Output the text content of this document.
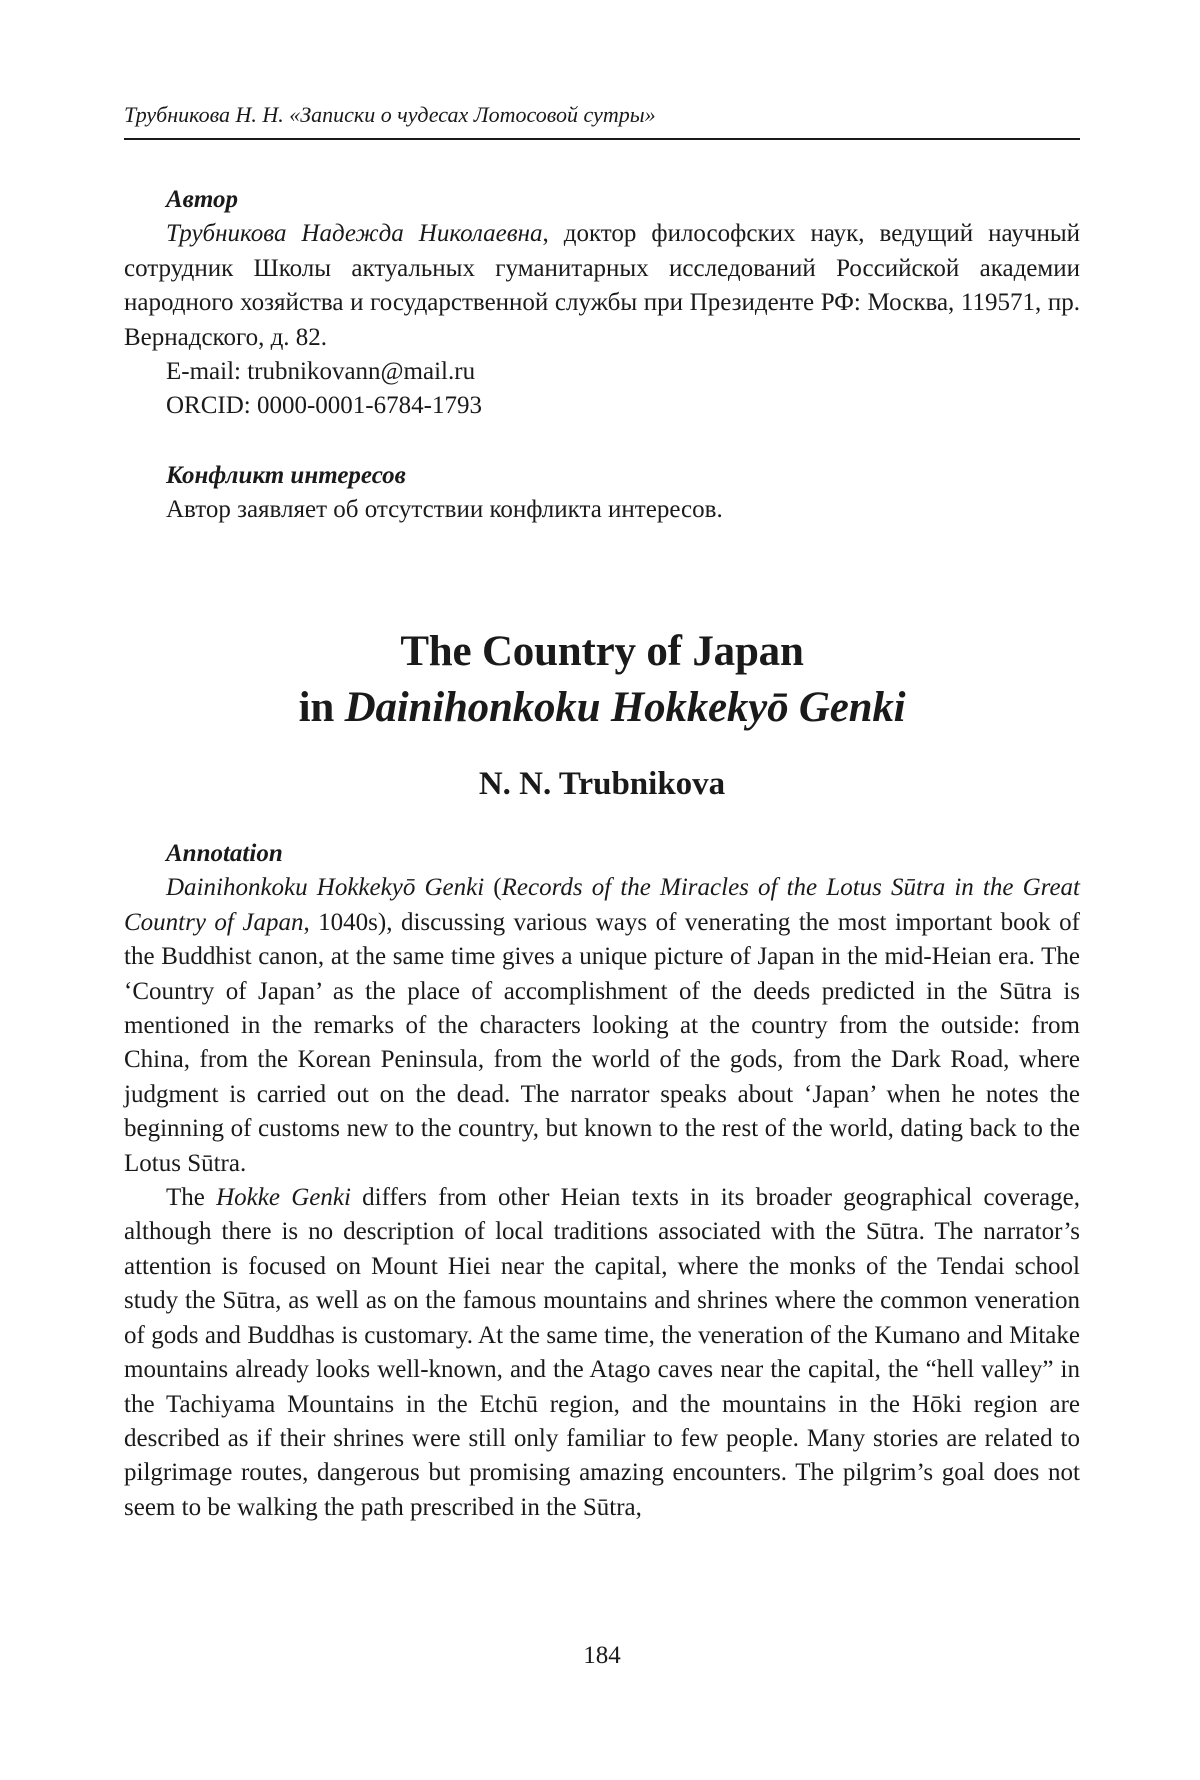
Трубникова Н. Н. «Записки о чудесах Лотосовой сутры»
Автор
Трубникова Надежда Николаевна, доктор философских наук, ведущий научный сотрудник Школы актуальных гуманитарных исследований Российской академии народного хозяйства и государственной службы при Президенте РФ: Москва, 119571, пр. Вернадского, д. 82.
E-mail: trubnikovann@mail.ru
ORCID: 0000-0001-6784-1793
Конфликт интересов
Автор заявляет об отсутствии конфликта интересов.
The Country of Japan
in Dainihonkoku Hokkekyō Genki
N. N. Trubnikova
Annotation
Dainihonkoku Hokkekyō Genki (Records of the Miracles of the Lotus Sūtra in the Great Country of Japan, 1040s), discussing various ways of venerating the most important book of the Buddhist canon, at the same time gives a unique picture of Japan in the mid-Heian era. The ‘Country of Japan’ as the place of accomplishment of the deeds predicted in the Sūtra is mentioned in the remarks of the characters looking at the country from the outside: from China, from the Korean Peninsula, from the world of the gods, from the Dark Road, where judgment is carried out on the dead. The narrator speaks about ‘Japan’ when he notes the beginning of customs new to the country, but known to the rest of the world, dating back to the Lotus Sūtra.
The Hokke Genki differs from other Heian texts in its broader geographical coverage, although there is no description of local traditions associated with the Sūtra. The narrator’s attention is focused on Mount Hiei near the capital, where the monks of the Tendai school study the Sūtra, as well as on the famous mountains and shrines where the common veneration of gods and Buddhas is customary. At the same time, the veneration of the Kumano and Mitake mountains already looks well-known, and the Atago caves near the capital, the “hell valley” in the Tachiyama Mountains in the Etchū region, and the mountains in the Hōki region are described as if their shrines were still only familiar to few people. Many stories are related to pilgrimage routes, dangerous but promising amazing encounters. The pilgrim’s goal does not seem to be walking the path prescribed in the Sūtra,
184
